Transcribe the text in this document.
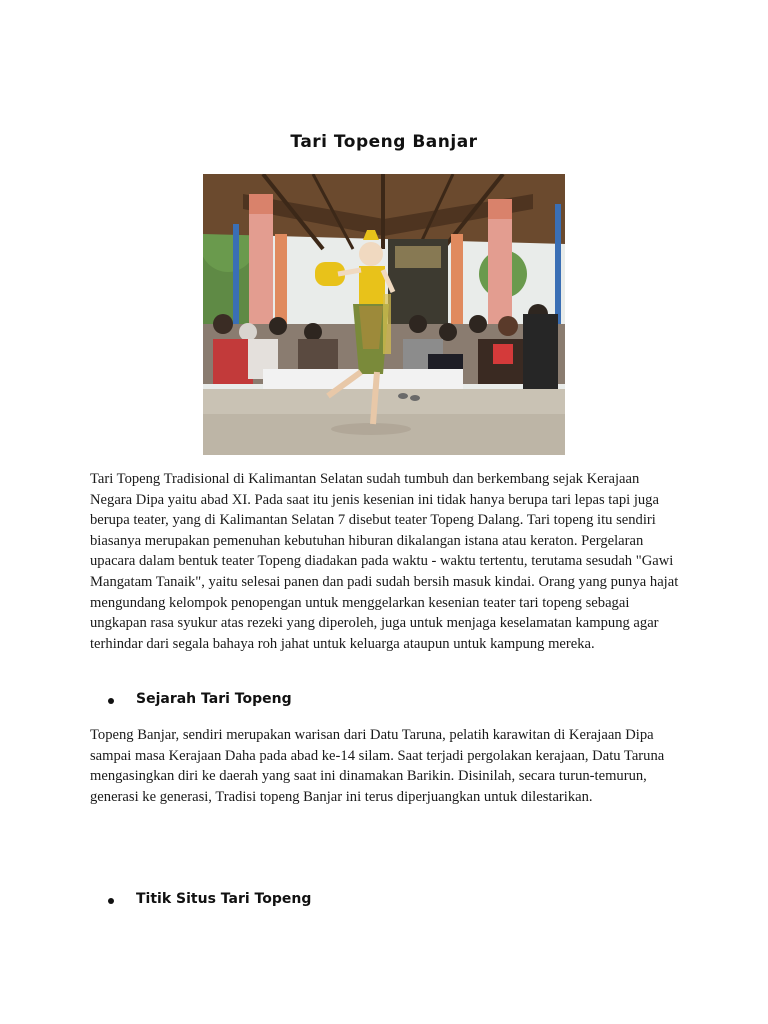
Tari Topeng Banjar

Tari Topeng Tradisional di Kalimantan Selatan sudah tumbuh dan berkembang sejak Kerajaan Negara Dipa yaitu abad XI. Pada saat itu jenis kesenian ini tidak hanya berupa tari lepas tapi juga berupa teater, yang di Kalimantan Selatan 7 disebut teater Topeng Dalang. Tari topeng itu sendiri biasanya merupakan pemenuhan kebutuhan hiburan dikalangan istana atau keraton. Pergelaran upacara dalam bentuk teater Topeng diadakan pada waktu - waktu tertentu, terutama sesudah "Gawi Mangatam Tanaik", yaitu selesai panen dan padi sudah bersih masuk kindai. Orang yang punya hajat mengundang kelompok penopengan untuk menggelarkan kesenian teater tari topeng sebagai ungkapan rasa syukur atas rezeki yang diperoleh, juga untuk menjaga keselamatan kampung agar terhindar dari segala bahaya roh jahat untuk keluarga ataupun untuk kampung mereka.

Sejarah Tari Topeng

Topeng Banjar, sendiri merupakan warisan dari Datu Taruna, pelatih karawitan di Kerajaan Dipa sampai masa Kerajaan Daha pada abad ke-14 silam. Saat terjadi pergolakan kerajaan, Datu Taruna mengasingkan diri ke daerah yang saat ini dinamakan Barikin. Disinilah, secara turun-temurun, generasi ke generasi, Tradisi topeng Banjar ini terus diperjuangkan untuk dilestarikan.

Titik Situs Tari Topeng
